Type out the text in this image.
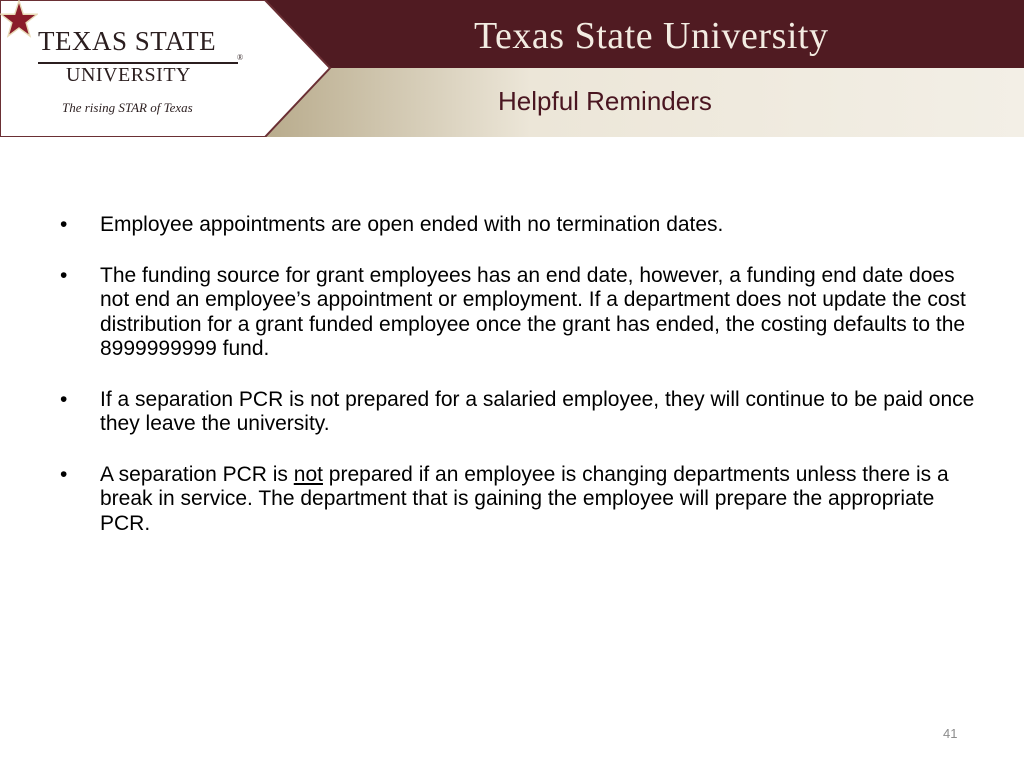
TEXAS STATE
®
UNIVERSITY
The rising STAR of Texas
Texas State University
Helpful Reminders
• Employee appointments are open ended with no termination dates.
• The funding source for grant employees has an end date, however, a funding end date does not end an employee’s appointment or employment. If a department does not update the cost distribution for a grant funded employee once the grant has ended, the costing defaults to the 8999999999 fund.
• If a separation PCR is not prepared for a salaried employee, they will continue to be paid once they leave the university.
• A separation PCR is not prepared if an employee is changing departments unless there is a break in service. The department that is gaining the employee will prepare the appropriate PCR.
41
